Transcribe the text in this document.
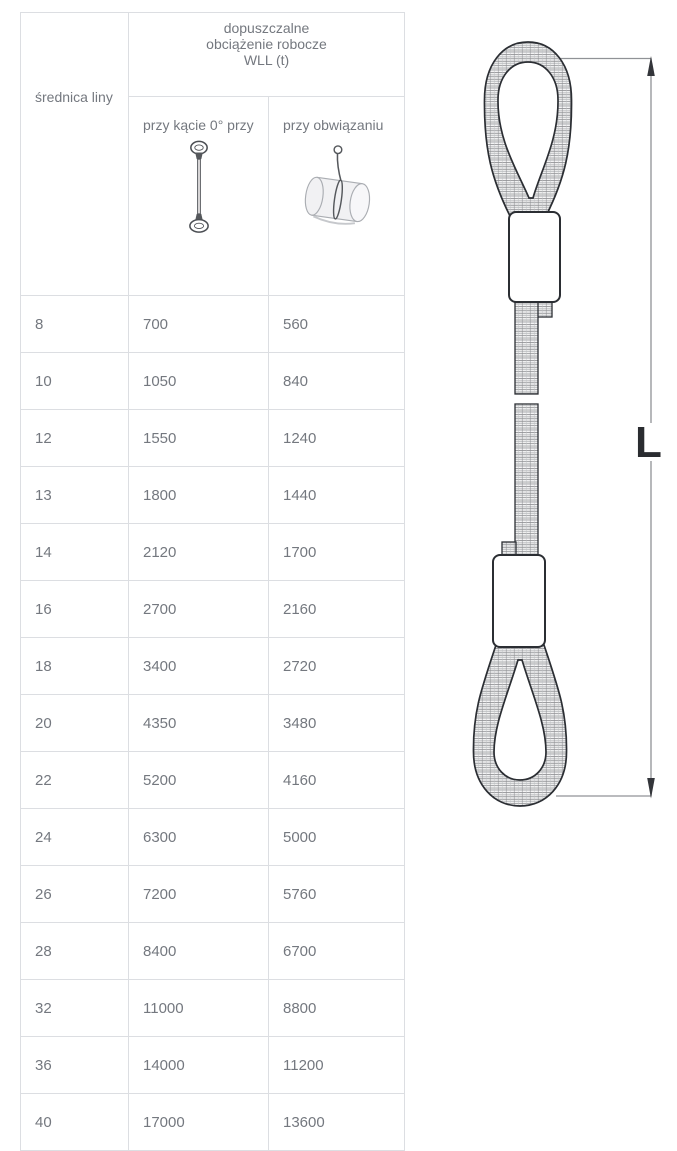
średnica liny	dopuszczalne obciążenie robocze WLL (t)	

	przy kącie 0° przy	przy obwiązaniu

8	700	560
10	1050	840
12	1550	1240
13	1800	1440
14	2120	1700
16	2700	2160
18	3400	2720
20	4350	3480
22	5200	4160
24	6300	5000
26	7200	5760
28	8400	6700
32	11000	8800
36	14000	11200
40	17000	13600
L
